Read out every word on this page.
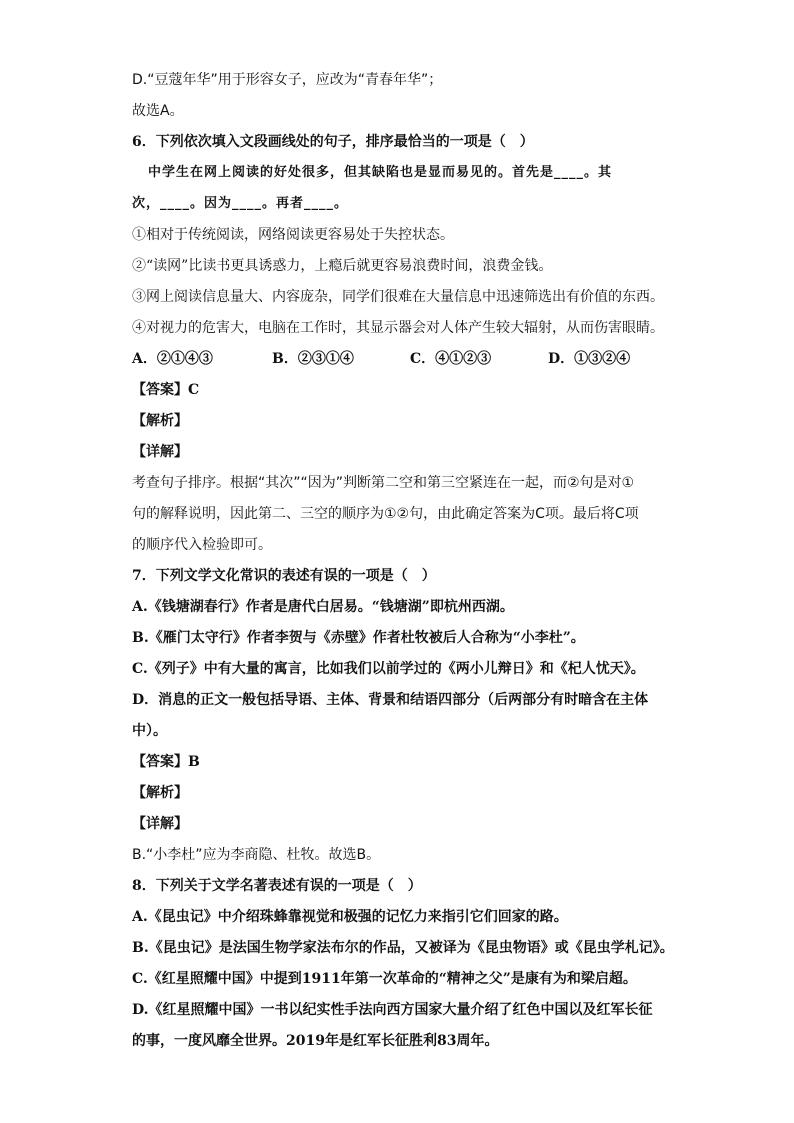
D.“豆蔻年华”用于形容女子，应改为“青春年华”；
故选A。
6．下列依次填入文段画线处的句子，排序最恰当的一项是（　）
中学生在网上阅读的好处很多，但其缺陷也是显而易见的。首先是____。其
次，____。因为____。再者____。
①相对于传统阅读，网络阅读更容易处于失控状态。
②“读网”比读书更具诱惑力，上瘾后就更容易浪费时间，浪费金钱。
③网上阅读信息量大、内容庞杂，同学们很难在大量信息中迅速筛选出有价值的东西。
④对视力的危害大，电脑在工作时，其显示器会对人体产生较大辐射，从而伤害眼睛。
A．②①④③	B．②③①④	C．④①②③	D．①③②④
【答案】C
【解析】
【详解】
考查句子排序。根据“其次”“因为”判断第二空和第三空紧连在一起，而②句是对①
句的解释说明，因此第二、三空的顺序为①②句，由此确定答案为C项。最后将C项
的顺序代入检验即可。
7．下列文学文化常识的表述有误的一项是（　）
A.《钱塘湖春行》作者是唐代白居易。“钱塘湖”即杭州西湖。
B.《雁门太守行》作者李贺与《赤壁》作者杜牧被后人合称为“小李杜”。
C.《列子》中有大量的寓言，比如我们以前学过的《两小儿辩日》和《杞人忧天》。
D．消息的正文一般包括导语、主体、背景和结语四部分（后两部分有时暗含在主体
中）。
【答案】B
【解析】
【详解】
B.“小李杜”应为李商隐、杜牧。故选B。
8．下列关于文学名著表述有误的一项是（　）
A.《昆虫记》中介绍珠蜂靠视觉和极强的记忆力来指引它们回家的路。
B.《昆虫记》是法国生物学家法布尔的作品，又被译为《昆虫物语》或《昆虫学札记》。
C.《红星照耀中国》中提到1911年第一次革命的“精神之父”是康有为和梁启超。
D.《红星照耀中国》一书以纪实性手法向西方国家大量介绍了红色中国以及红军长征
的事，一度风靡全世界。2019年是红军长征胜利83周年。
